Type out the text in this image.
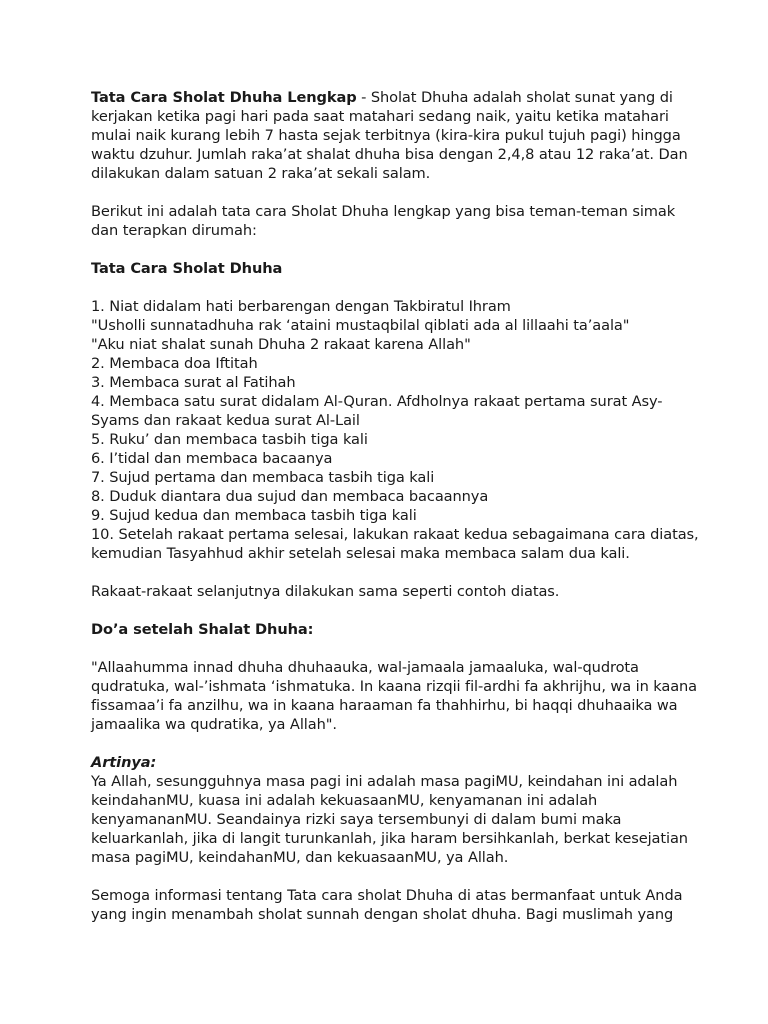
Tata Cara Sholat Dhuha Lengkap - Sholat Dhuha adalah sholat sunat yang di
kerjakan ketika pagi hari pada saat matahari sedang naik, yaitu ketika matahari
mulai naik kurang lebih 7 hasta sejak terbitnya (kira-kira pukul tujuh pagi) hingga
waktu dzuhur. Jumlah raka’at shalat dhuha bisa dengan 2,4,8 atau 12 raka’at. Dan
dilakukan dalam satuan 2 raka’at sekali salam.

Berikut ini adalah tata cara Sholat Dhuha lengkap yang bisa teman-teman simak
dan terapkan dirumah:

Tata Cara Sholat Dhuha

1. Niat didalam hati berbarengan dengan Takbiratul Ihram
"Usholli sunnatadhuha rak ‘ataini mustaqbilal qiblati ada al lillaahi ta’aala"
"Aku niat shalat sunah Dhuha 2 rakaat karena Allah"
2. Membaca doa Iftitah
3. Membaca surat al Fatihah
4. Membaca satu surat didalam Al-Quran. Afdholnya rakaat pertama surat Asy-
Syams dan rakaat kedua surat Al-Lail
5. Ruku’ dan membaca tasbih tiga kali
6. I’tidal dan membaca bacaanya
7. Sujud pertama dan membaca tasbih tiga kali
8. Duduk diantara dua sujud dan membaca bacaannya
9. Sujud kedua dan membaca tasbih tiga kali
10. Setelah rakaat pertama selesai, lakukan rakaat kedua sebagaimana cara diatas,
kemudian Tasyahhud akhir setelah selesai maka membaca salam dua kali.

Rakaat-rakaat selanjutnya dilakukan sama seperti contoh diatas.

Do’a setelah Shalat Dhuha:

"Allaahumma innad dhuha dhuhaauka, wal-jamaala jamaaluka, wal-qudrota
qudratuka, wal-’ishmata ‘ishmatuka. In kaana rizqii fil-ardhi fa akhrijhu, wa in kaana
fissamaa’i fa anzilhu, wa in kaana haraaman fa thahhirhu, bi haqqi dhuhaaika wa
jamaalika wa qudratika, ya Allah".

Artinya:
Ya Allah, sesungguhnya masa pagi ini adalah masa pagiMU, keindahan ini adalah
keindahanMU, kuasa ini adalah kekuasaanMU, kenyamanan ini adalah
kenyamananMU. Seandainya rizki saya tersembunyi di dalam bumi maka
keluarkanlah, jika di langit turunkanlah, jika haram bersihkanlah, berkat kesejatian
masa pagiMU, keindahanMU, dan kekuasaanMU, ya Allah.

Semoga informasi tentang Tata cara sholat Dhuha di atas bermanfaat untuk Anda
yang ingin menambah sholat sunnah dengan sholat dhuha. Bagi muslimah yang
